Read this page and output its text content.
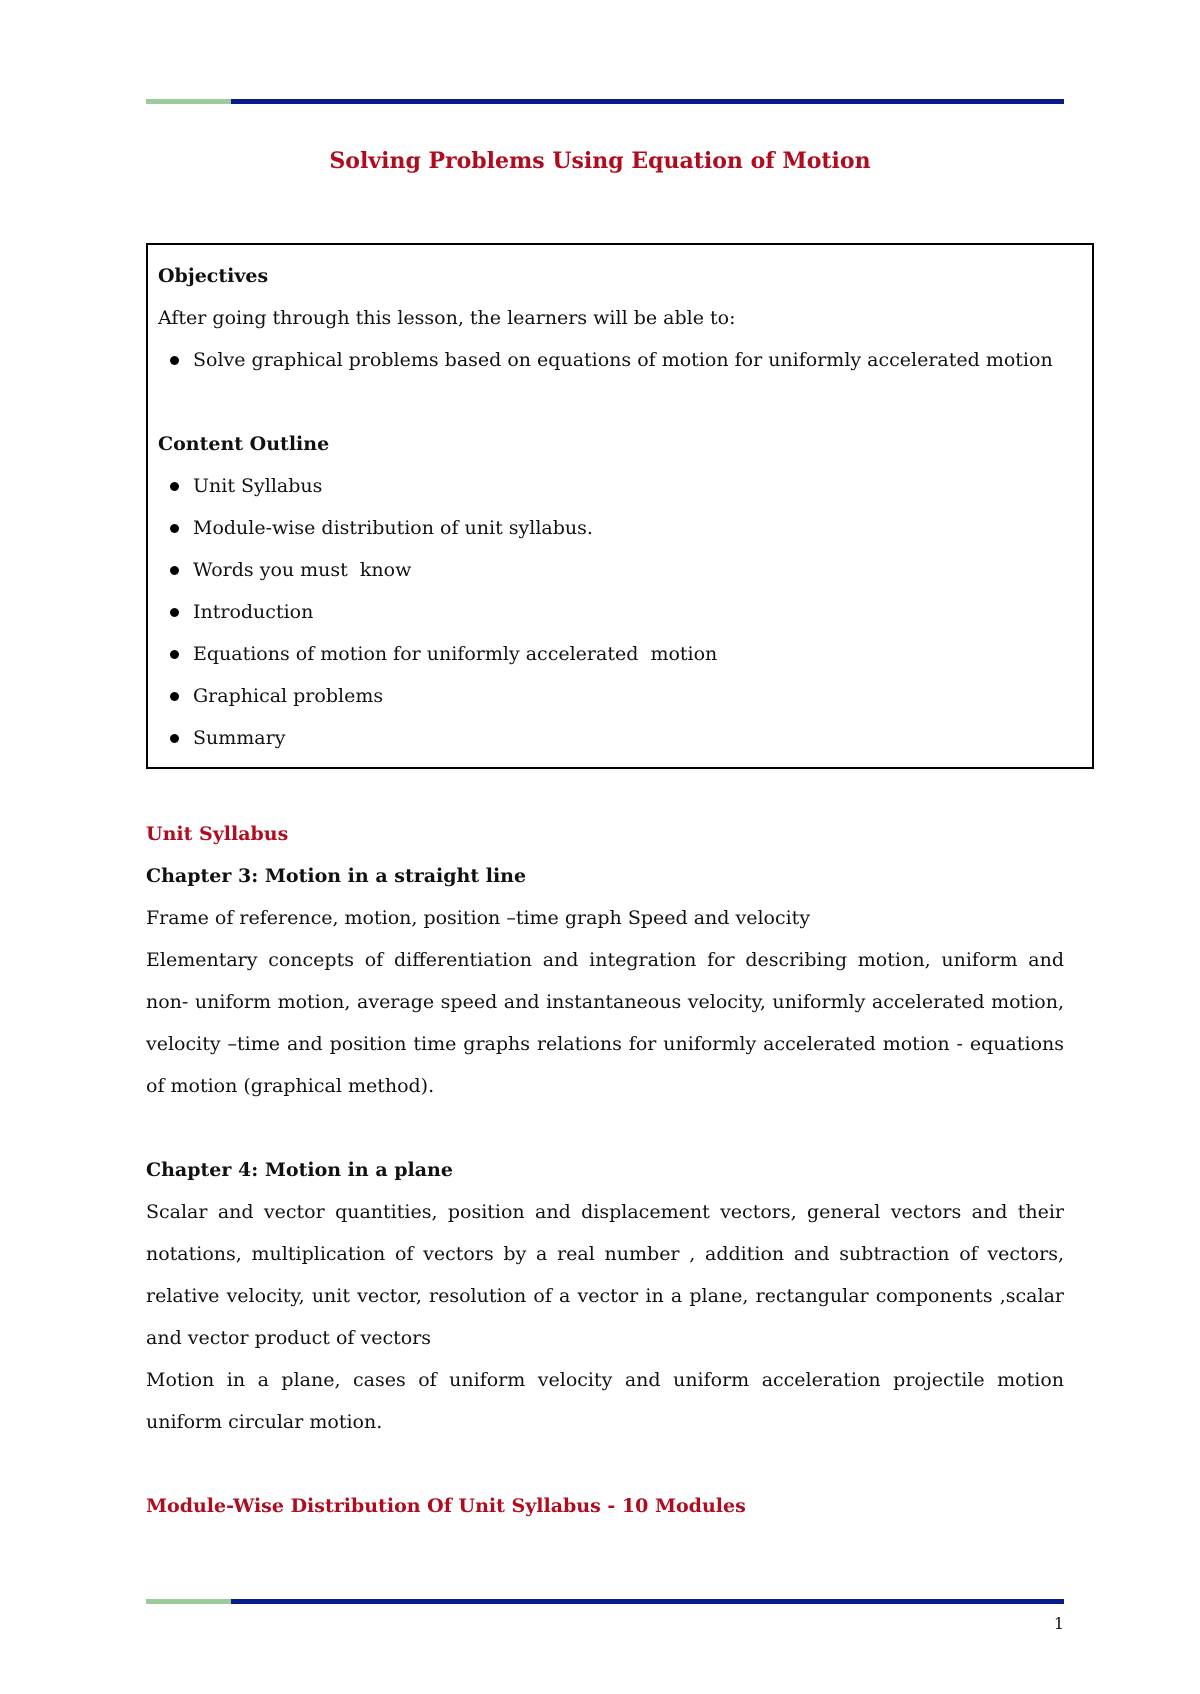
Solving Problems Using Equation of Motion
Objectives
After going through this lesson, the learners will be able to:
Solve graphical problems based on equations of motion for uniformly accelerated motion
Content Outline
Unit Syllabus
Module-wise distribution of unit syllabus.
Words you must  know
Introduction
Equations of motion for uniformly accelerated  motion
Graphical problems
Summary
Unit Syllabus
Chapter 3: Motion in a straight line

Frame of reference, motion, position –time graph Speed and velocity

Elementary concepts of differentiation and integration for describing motion, uniform and non- uniform motion, average speed and instantaneous velocity, uniformly accelerated motion, velocity –time and position time graphs relations for uniformly accelerated motion - equations of motion (graphical method).

Chapter 4: Motion in a plane

Scalar and vector quantities, position and displacement vectors, general vectors and their notations, multiplication of vectors by a real number , addition and subtraction of vectors, relative velocity, unit vector, resolution of a vector in a plane, rectangular components ,scalar and vector product of vectors

Motion in a plane, cases of uniform velocity and uniform acceleration projectile motion uniform circular motion.

Module-Wise Distribution Of Unit Syllabus - 10 Modules
1
